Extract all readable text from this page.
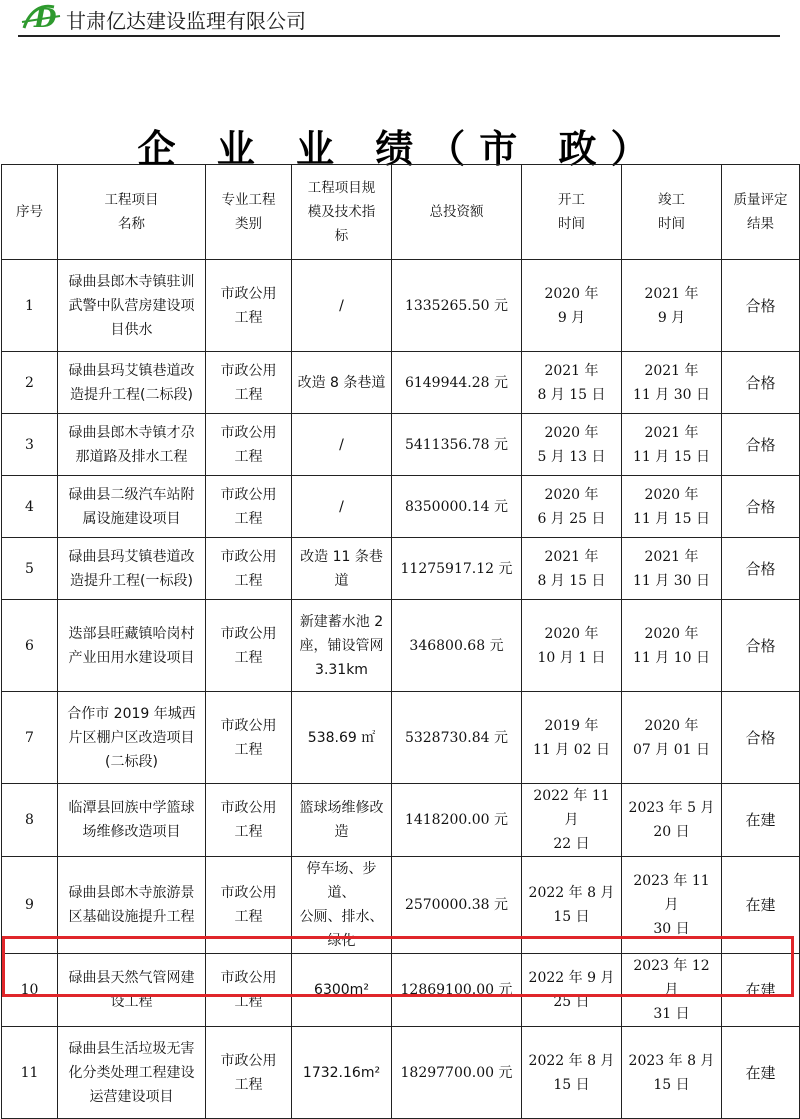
D 甘肃亿达建设监理有限公司
企 业 业 绩（市 政）
序号	工程项目
名称	专业工程
类别	工程项目规
模及技术指
标	总投资额	开工
时间	竣工
时间	质量评定
结果
1	碌曲县郎木寺镇驻训
武警中队营房建设项
目供水	市政公用
工程	/	1335265.50 元	2020 年
9 月	2021 年
9 月	合格
2	碌曲县玛艾镇巷道改
造提升工程(二标段)	市政公用
工程	改造 8 条巷道	6149944.28 元	2021 年
8 月 15 日	2021 年
11 月 30 日	合格
3	碌曲县郎木寺镇才尕
那道路及排水工程	市政公用
工程	/	5411356.78 元	2020 年
5 月 13 日	2021 年
11 月 15 日	合格
4	碌曲县二级汽车站附
属设施建设项目	市政公用
工程	/	8350000.14 元	2020 年
6 月 25 日	2020 年
11 月 15 日	合格
5	碌曲县玛艾镇巷道改
造提升工程(一标段)	市政公用
工程	改造 11 条巷
道	11275917.12 元	2021 年
8 月 15 日	2021 年
11 月 30 日	合格
6	迭部县旺藏镇哈岗村
产业田用水建设项目	市政公用
工程	新建蓄水池 2
座，铺设管网
3.31km	346800.68 元	2020 年
10 月 1 日	2020 年
11 月 10 日	合格
7	合作市 2019 年城西
片区棚户区改造项目
(二标段)	市政公用
工程	538.69 ㎡	5328730.84 元	2019 年
11 月 02 日	2020 年
07 月 01 日	合格
8	临潭县回族中学篮球
场维修改造项目	市政公用
工程	篮球场维修改
造	1418200.00 元	2022 年 11 月
22 日	2023 年 5 月
20 日	在建
9	碌曲县郎木寺旅游景
区基础设施提升工程	市政公用
工程	停车场、步道、
公厕、排水、
绿化	2570000.38 元	2022 年 8 月
15 日	2023 年 11 月
30 日	在建
10	碌曲县天然气管网建
设工程	市政公用
工程	6300m²	12869100.00 元	2022 年 9 月
25 日	2023 年 12 月
31 日	在建
11	碌曲县生活垃圾无害
化分类处理工程建设
运营建设项目	市政公用
工程	1732.16m²	18297700.00 元	2022 年 8 月
15 日	2023 年 8 月
15 日	在建
